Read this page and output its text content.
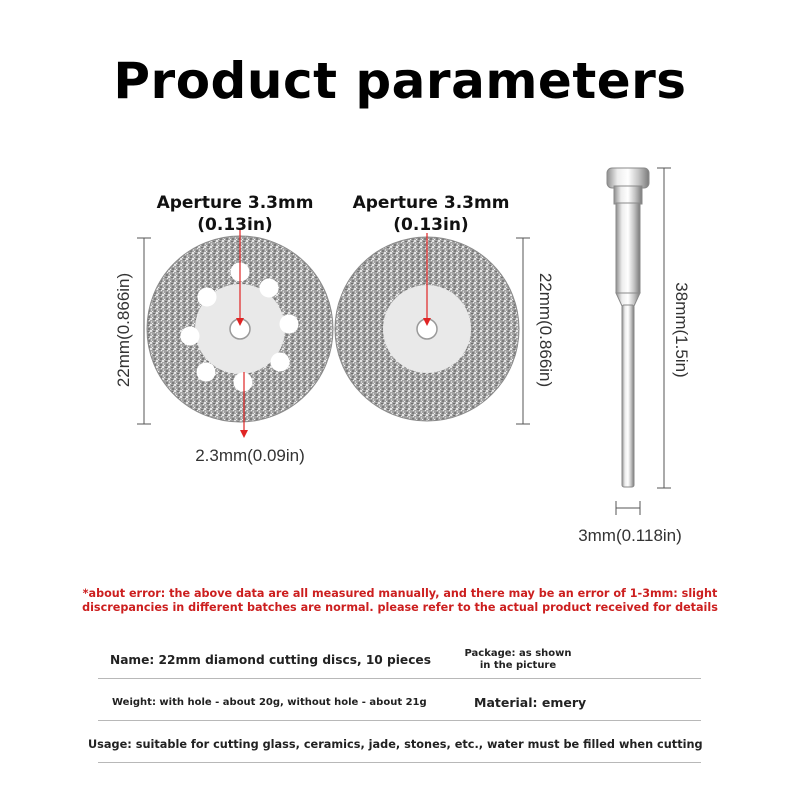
Product parameters
Aperture 3.3mm
(0.13in)
Aperture 3.3mm
(0.13in)
22mm(0.866in)	22mm(0.866in)	38mm(1.5in)
2.3mm(0.09in)
3mm(0.118in)
*about error: the above data are all measured manually, and there may be an error of 1-3mm: slight
discrepancies in different batches are normal. please refer to the actual product received for details
Name: 22mm diamond cutting discs, 10 pieces	Package: as shown
in the picture
Weight: with hole - about 20g, without hole - about 21g	Material: emery
Usage: suitable for cutting glass, ceramics, jade, stones, etc., water must be filled when cutting
